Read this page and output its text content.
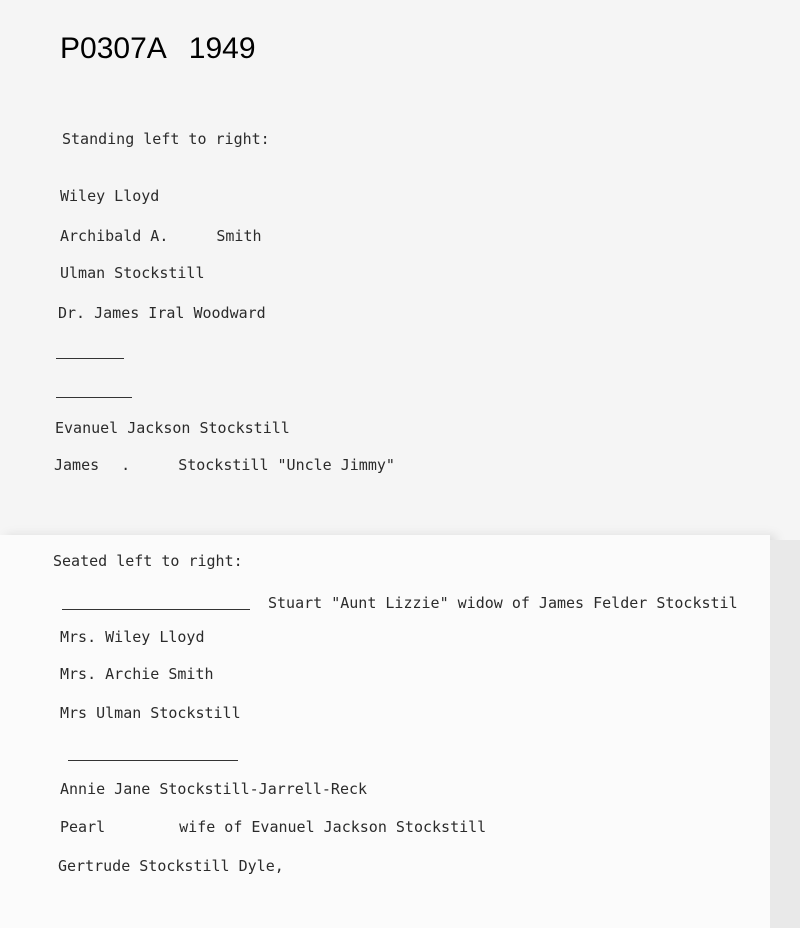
P0307A 1949
Standing left to right:
Wiley Lloyd
Archibald A.	Smith
Ulman Stockstill
Dr. James Iral Woodward
Evanuel Jackson Stockstill
James .	Stockstill "Uncle Jimmy"
Seated left to right:
Stuart "Aunt Lizzie" widow of James Felder Stockstil
Mrs. Wiley Lloyd
Mrs. Archie Smith
Mrs Ulman Stockstill
Annie Jane Stockstill-Jarrell-Reck
Pearl	wife of Evanuel Jackson Stockstill
Gertrude Stockstill Dyle,
